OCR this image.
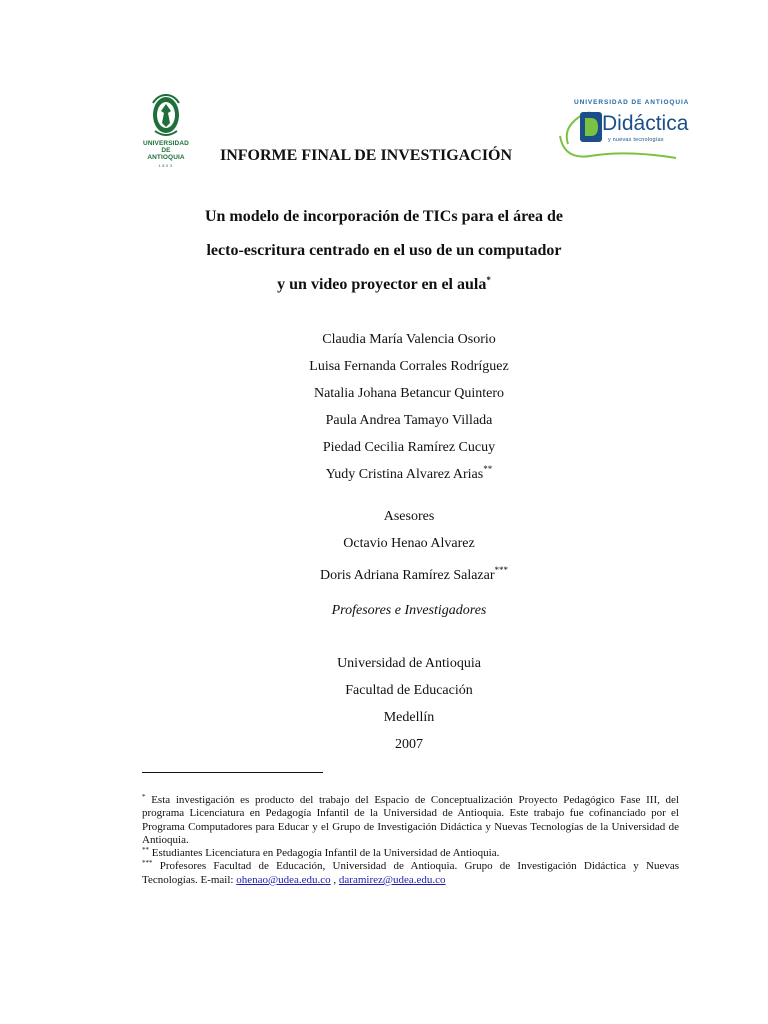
UNIVERSIDAD
DE ANTIOQUIA
1803
UNIVERSIDAD DE ANTIOQUIA
Didáctica
y nuevas tecnologías
INFORME FINAL DE INVESTIGACIÓN
Un modelo de incorporación de TICs para el área de
lecto-escritura centrado en el uso de un computador
y un video proyector en el aula*
Claudia María Valencia Osorio
Luisa Fernanda Corrales Rodríguez
Natalia Johana Betancur Quintero
Paula Andrea Tamayo Villada
Piedad Cecilia Ramírez Cucuy
Yudy Cristina Alvarez Arias**
Asesores
Octavio Henao Alvarez
Doris Adriana Ramírez Salazar***
Profesores e Investigadores
Universidad de Antioquia
Facultad de Educación
Medellín
2007

* Esta investigación es producto del trabajo del Espacio de Conceptualización Proyecto Pedagógico Fase III, del programa Licenciatura en Pedagogía Infantil de la Universidad de Antioquia. Este trabajo fue cofinanciado por el Programa Computadores para Educar y el Grupo de Investigación Didáctica y Nuevas Tecnologías de la Universidad de Antioquia.

** Estudiantes Licenciatura en Pedagogía Infantil de la Universidad de Antioquia.

*** Profesores Facultad de Educación, Universidad de Antioquia. Grupo de Investigación Didáctica y Nuevas Tecnologías. E-mail: ohenao@udea.edu.co , daramirez@udea.edu.co
